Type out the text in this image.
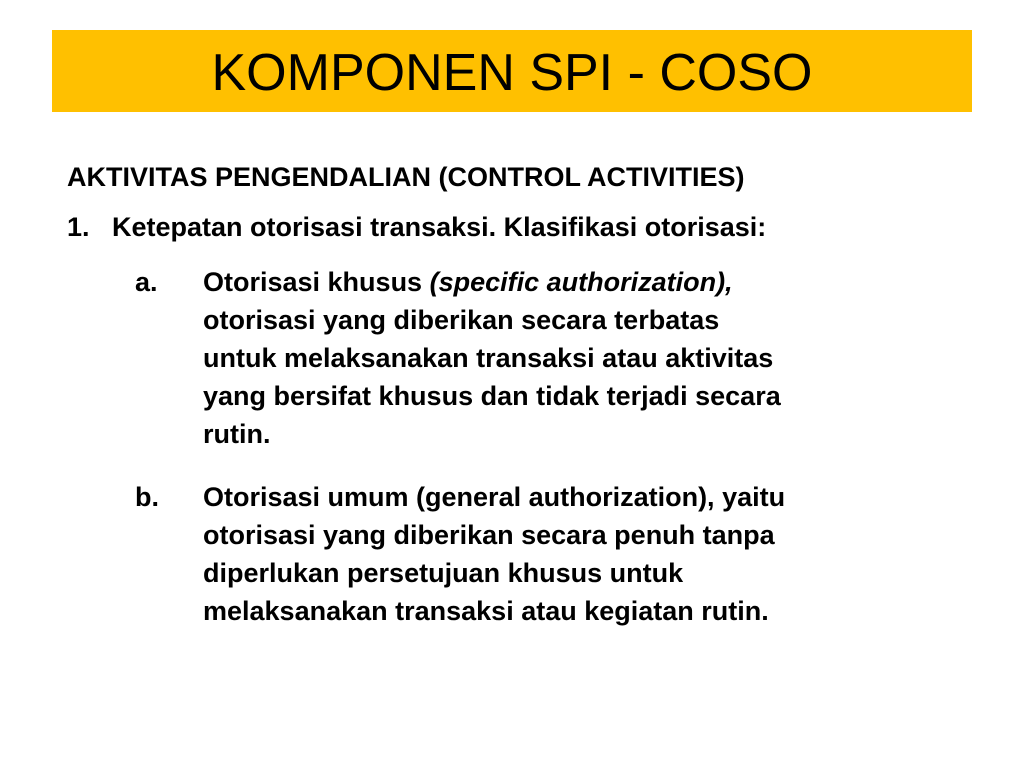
KOMPONEN SPI - COSO
AKTIVITAS PENGENDALIAN (CONTROL ACTIVITIES)
1. Ketepatan otorisasi transaksi. Klasifikasi otorisasi:
a. Otorisasi khusus (specific authorization),
otorisasi yang diberikan secara terbatas
untuk melaksanakan transaksi atau aktivitas
yang bersifat khusus dan tidak terjadi secara
rutin.
b. Otorisasi umum (general authorization), yaitu
otorisasi yang diberikan secara penuh tanpa
diperlukan persetujuan khusus untuk
melaksanakan transaksi atau kegiatan rutin.
